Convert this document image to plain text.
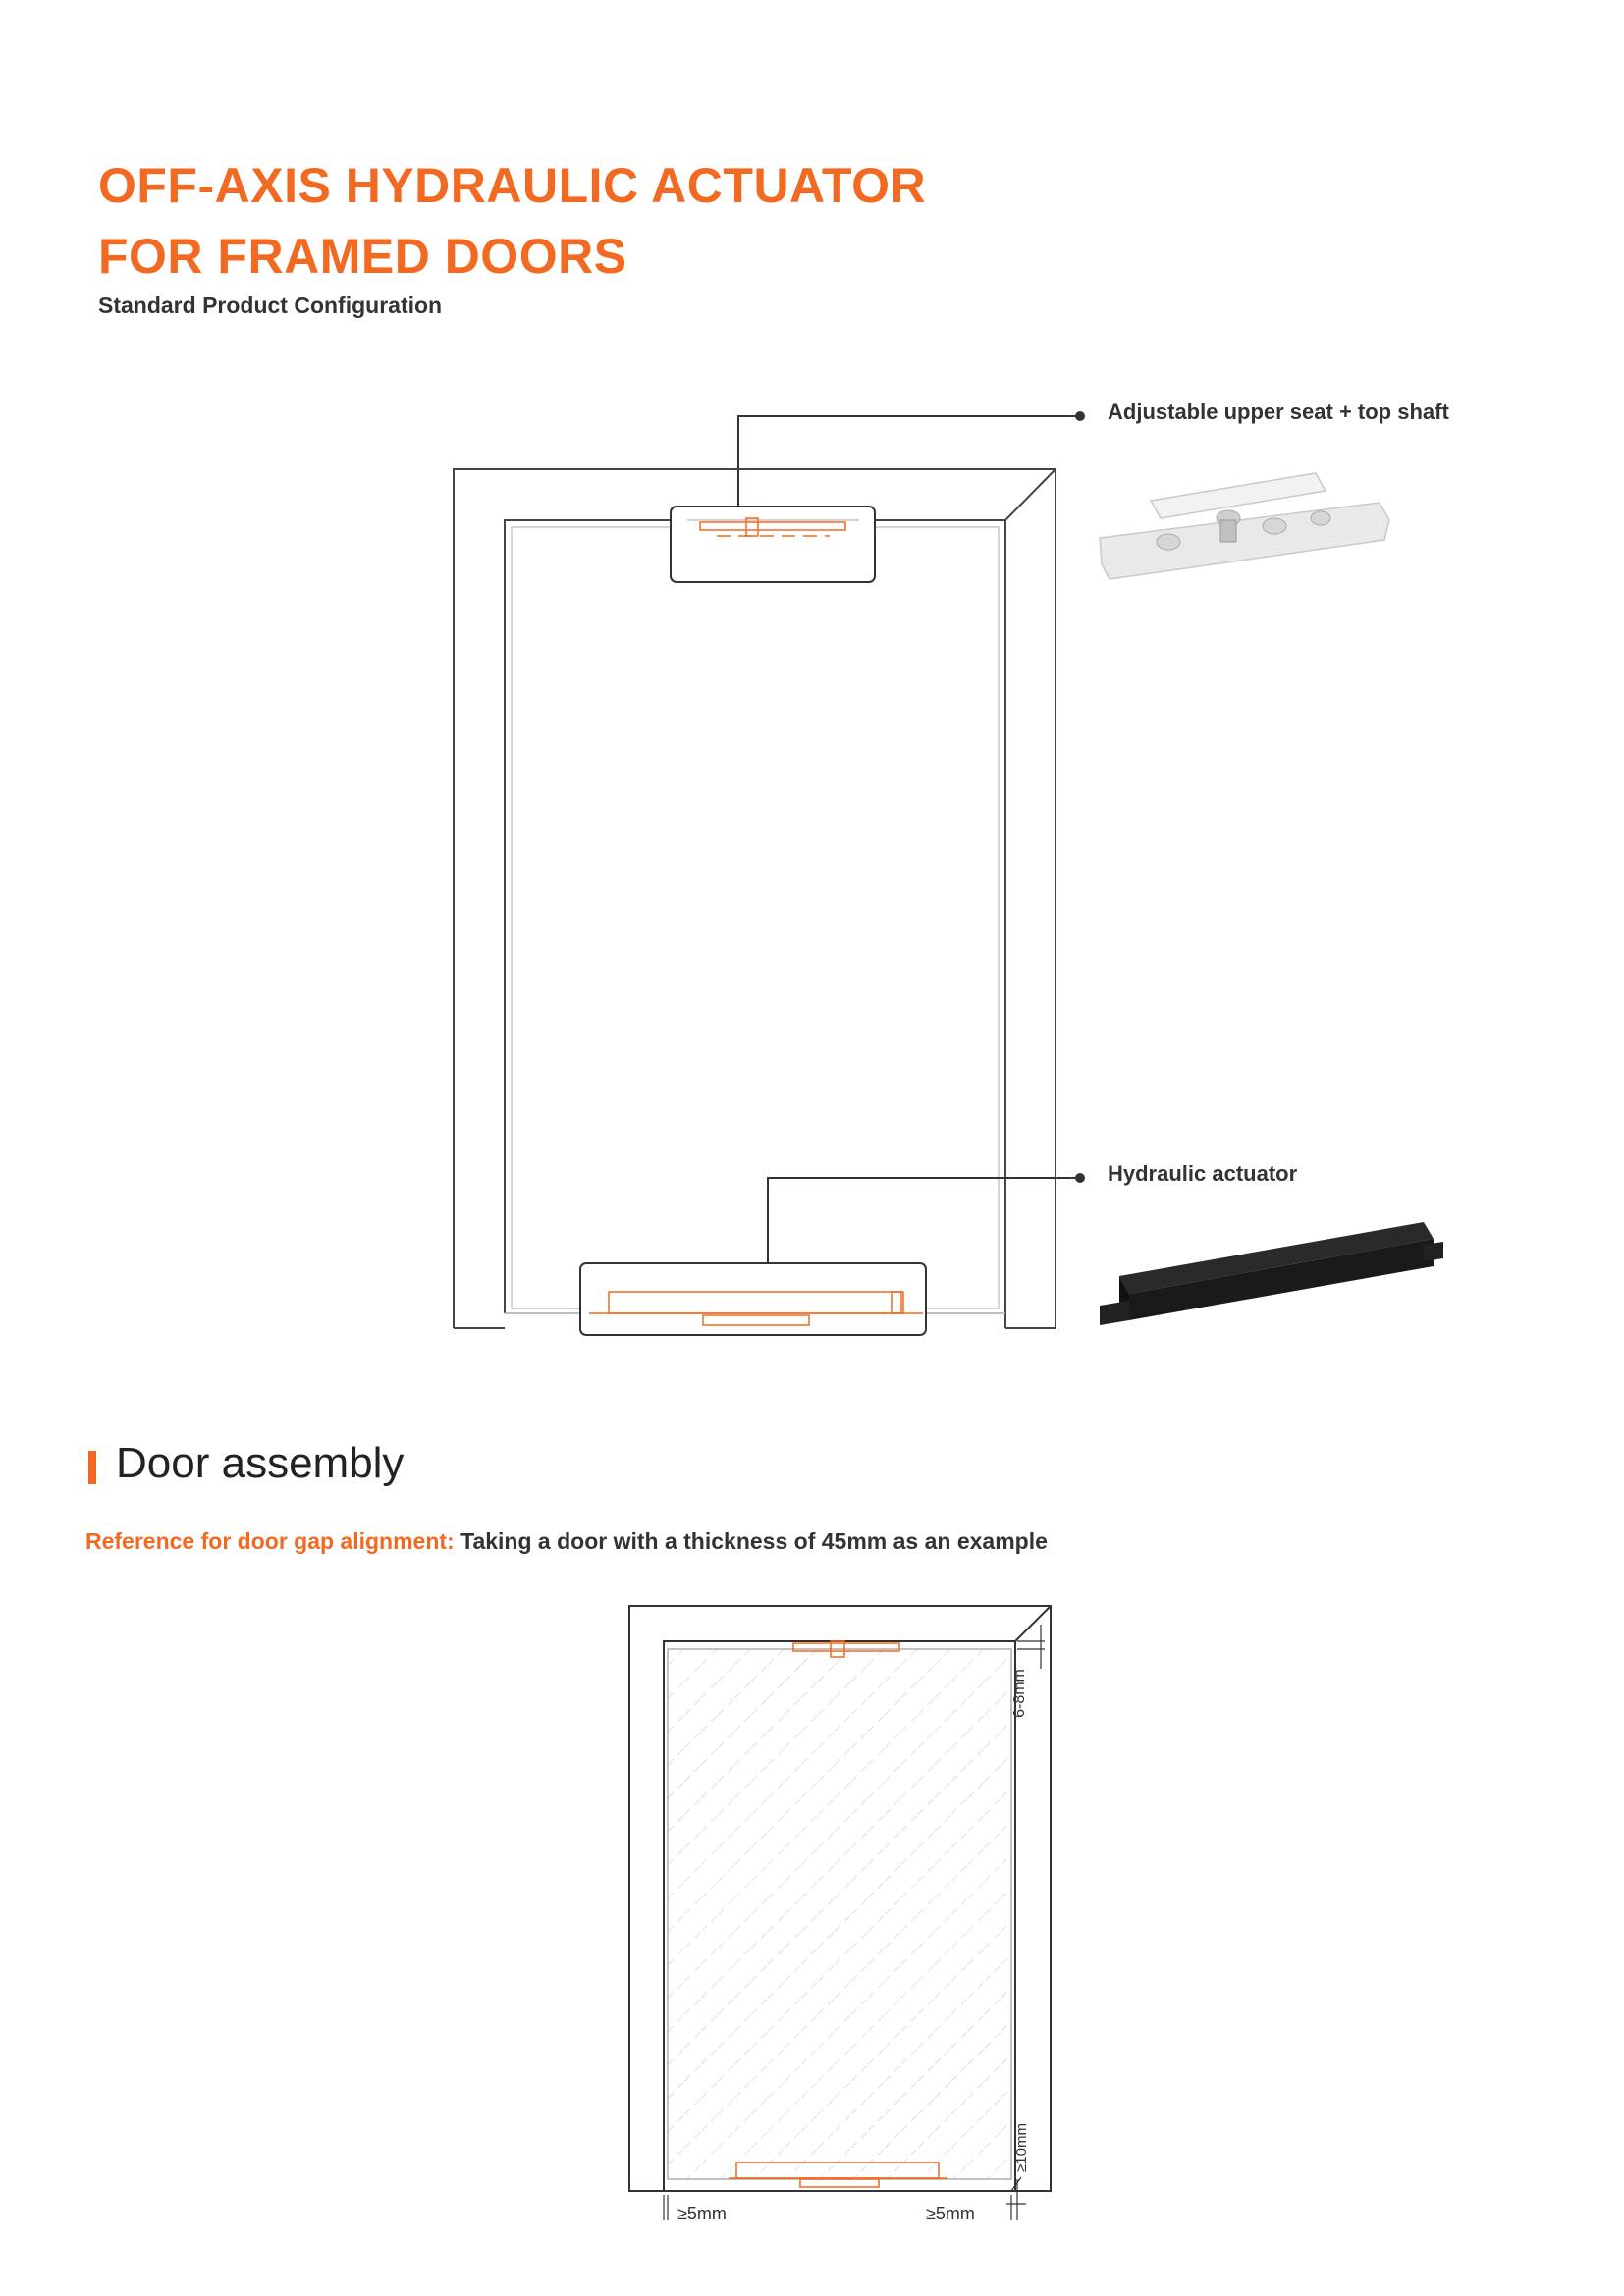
OFF-AXIS HYDRAULIC ACTUATOR
FOR FRAMED DOORS
Standard Product Configuration
Adjustable upper seat + top shaft
Hydraulic actuator
Door assembly
Reference for door gap alignment: Taking a door with a thickness of 45mm as an example
6-8mm
≥10mm
≥5mm	≥5mm
